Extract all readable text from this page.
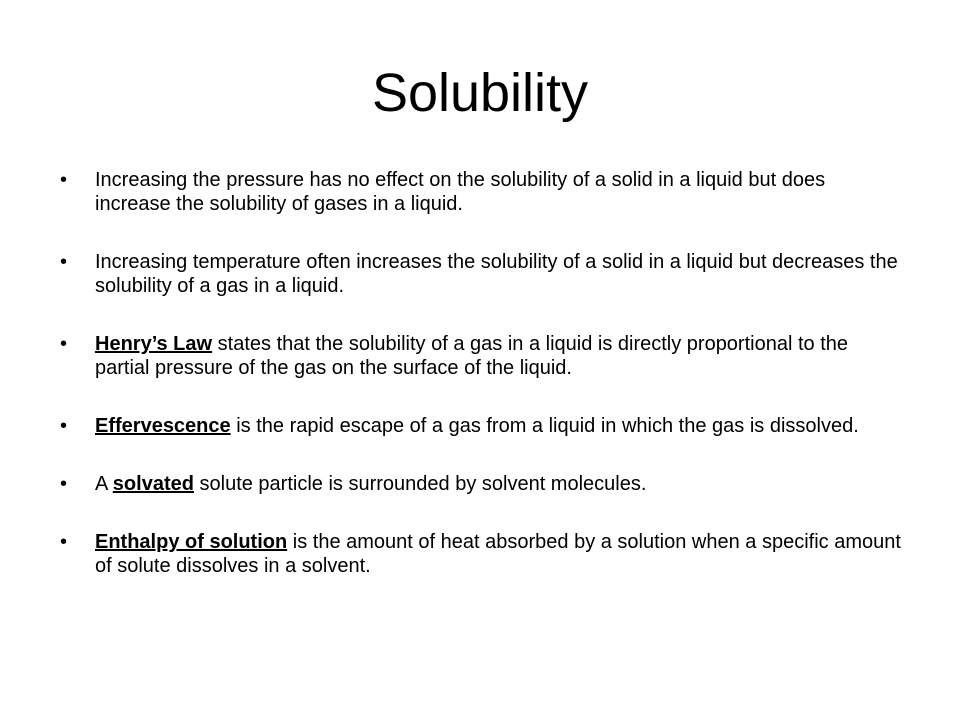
Solubility
• Increasing the pressure has no effect on the solubility of a solid in a liquid but does increase the solubility of gases in a liquid.
• Increasing temperature often increases the solubility of a solid in a liquid but decreases the solubility of a gas in a liquid.
• Henry’s Law states that the solubility of a gas in a liquid is directly proportional to the partial pressure of the gas on the surface of the liquid.
• Effervescence is the rapid escape of a gas from a liquid in which the gas is dissolved.
• A solvated solute particle is surrounded by solvent molecules.
• Enthalpy of solution is the amount of heat absorbed by a solution when a specific amount of solute dissolves in a solvent.
